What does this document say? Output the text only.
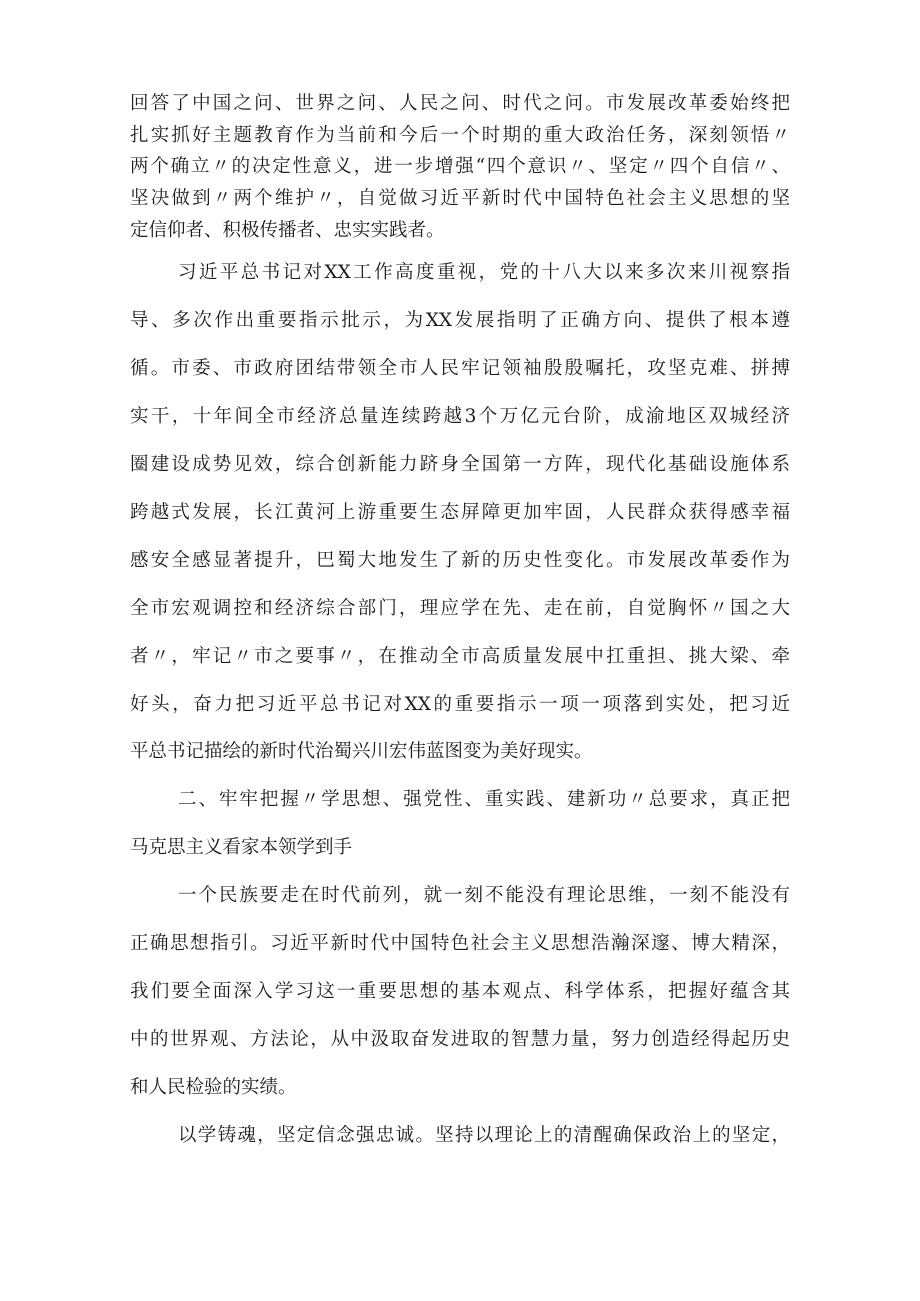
回答了中国之问、世界之问、人民之问、时代之问。市发展改革委始终把
扎实抓好主题教育作为当前和今后一个时期的重大政治任务，深刻领悟〃
两个确立〃的决定性意义，进一步增强“四个意识〃、坚定〃四个自信〃、
坚决做到〃两个维护〃，自觉做习近平新时代中国特色社会主义思想的坚
定信仰者、积极传播者、忠实实践者。
习近平总书记对XX工作高度重视，党的十八大以来多次来川视察指
导、多次作出重要指示批示，为XX发展指明了正确方向、提供了根本遵
循。市委、市政府团结带领全市人民牢记领袖殷殷嘱托，攻坚克难、拼搏
实干，十年间全市经济总量连续跨越3个万亿元台阶，成渝地区双城经济
圈建设成势见效，综合创新能力跻身全国第一方阵，现代化基础设施体系
跨越式发展，长江黄河上游重要生态屏障更加牢固，人民群众获得感幸福
感安全感显著提升，巴蜀大地发生了新的历史性变化。市发展改革委作为
全市宏观调控和经济综合部门，理应学在先、走在前，自觉胸怀〃国之大
者〃，牢记〃市之要事〃，在推动全市高质量发展中扛重担、挑大梁、牵
好头，奋力把习近平总书记对XX的重要指示一项一项落到实处，把习近
平总书记描绘的新时代治蜀兴川宏伟蓝图变为美好现实。
二、牢牢把握〃学思想、强党性、重实践、建新功〃总要求，真正把
马克思主义看家本领学到手
一个民族要走在时代前列，就一刻不能没有理论思维，一刻不能没有
正确思想指引。习近平新时代中国特色社会主义思想浩瀚深邃、博大精深，
我们要全面深入学习这一重要思想的基本观点、科学体系，把握好蕴含其
中的世界观、方法论，从中汲取奋发进取的智慧力量，努力创造经得起历史
和人民检验的实绩。
以学铸魂，坚定信念强忠诚。坚持以理论上的清醒确保政治上的坚定，
